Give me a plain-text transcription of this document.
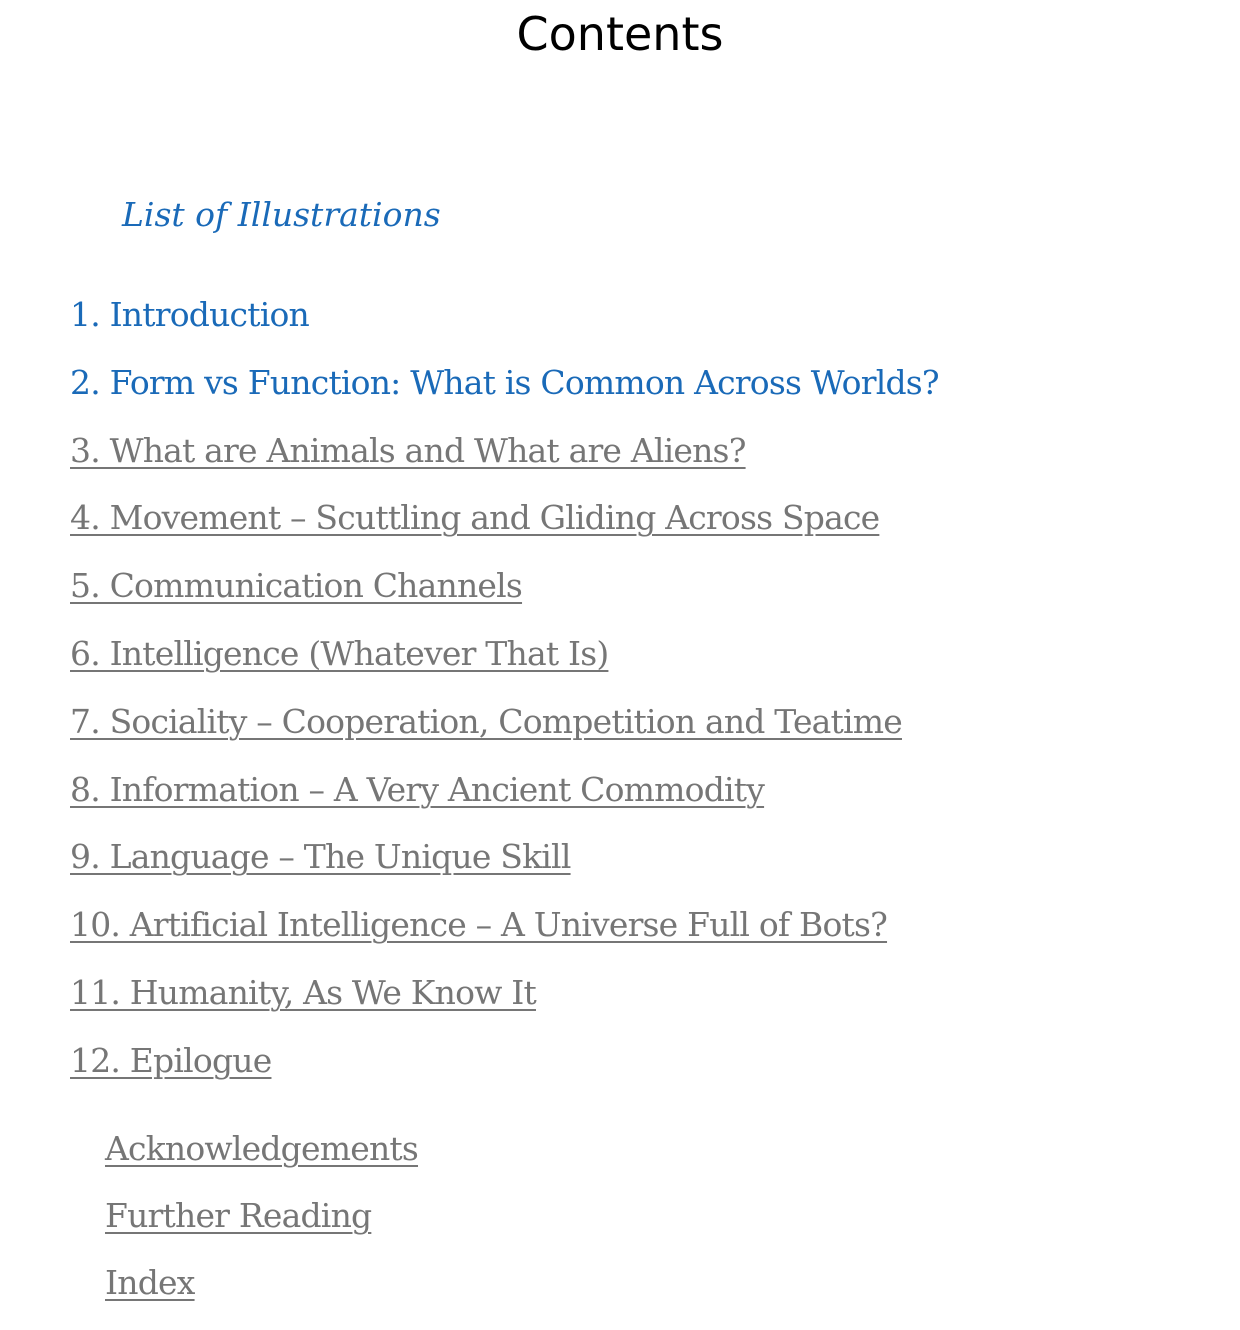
Contents
List of Illustrations
1. Introduction
2. Form vs Function: What is Common Across Worlds?
3. What are Animals and What are Aliens?
4. Movement – Scuttling and Gliding Across Space
5. Communication Channels
6. Intelligence (Whatever That Is)
7. Sociality – Cooperation, Competition and Teatime
8. Information – A Very Ancient Commodity
9. Language – The Unique Skill
10. Artificial Intelligence – A Universe Full of Bots?
11. Humanity, As We Know It
12. Epilogue
Acknowledgements
Further Reading
Index
